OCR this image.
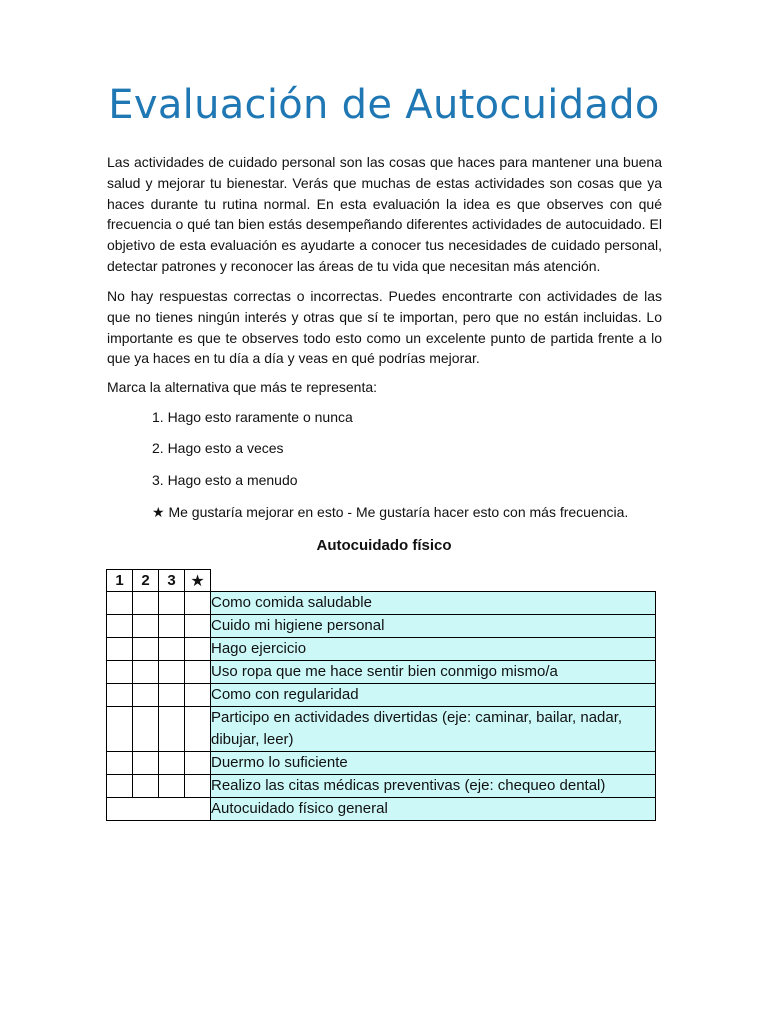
Evaluación de Autocuidado

Las actividades de cuidado personal son las cosas que haces para mantener una buena salud y mejorar tu bienestar. Verás que muchas de estas actividades son cosas que ya haces durante tu rutina normal. En esta evaluación la idea es que observes con qué frecuencia o qué tan bien estás desempeñando diferentes actividades de autocuidado. El objetivo de esta evaluación es ayudarte a conocer tus necesidades de cuidado personal, detectar patrones y reconocer las áreas de tu vida que necesitan más atención.

No hay respuestas correctas o incorrectas. Puedes encontrarte con actividades de las que no tienes ningún interés y otras que sí te importan, pero que no están incluidas. Lo importante es que te observes todo esto como un excelente punto de partida frente a lo que ya haces en tu día a día y veas en qué podrías mejorar.

Marca la alternativa que más te representa:

1. Hago esto raramente o nunca

2. Hago esto a veces

3. Hago esto a menudo

★ Me gustaría mejorar en esto - Me gustaría hacer esto con más frecuencia.

Autocuidado físico
1	2	3	★	
				Como comida saludable
				Cuido mi higiene personal
				Hago ejercicio
				Uso ropa que me hace sentir bien conmigo mismo/a
				Como con regularidad
				Participo en actividades divertidas (eje: caminar, bailar, nadar, dibujar, leer)
				Duermo lo suficiente
				Realizo las citas médicas preventivas (eje: chequeo dental)
				Autocuidado físico general
